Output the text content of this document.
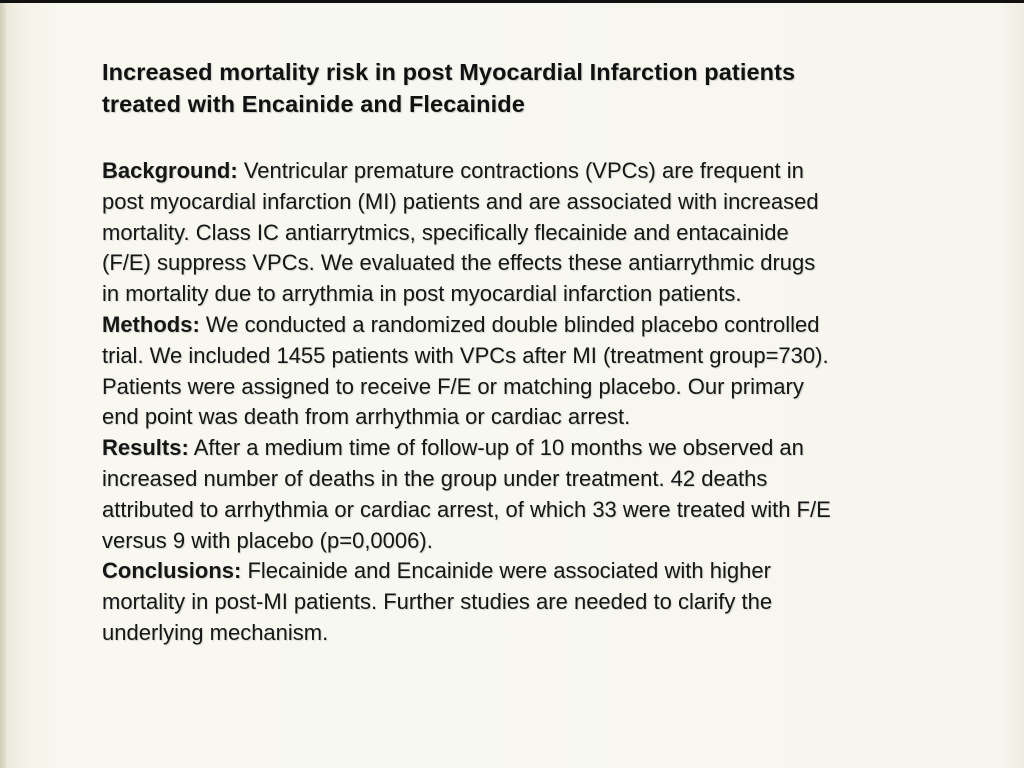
Increased mortality risk in post Myocardial Infarction patients
treated with Encainide and Flecainide
Background: Ventricular premature contractions (VPCs) are frequent in
post myocardial infarction (MI) patients and are associated with increased
mortality. Class IC antiarrytmics, specifically flecainide and entacainide
(F/E) suppress VPCs. We evaluated the effects these antiarrythmic drugs
in mortality due to arrythmia in post myocardial infarction patients.
Methods: We conducted a randomized double blinded placebo controlled
trial. We included 1455 patients with VPCs after MI (treatment group=730).
Patients were assigned to receive F/E or matching placebo. Our primary
end point was death from arrhythmia or cardiac arrest.
Results: After a medium time of follow-up of 10 months we observed an
increased number of deaths in the group under treatment. 42 deaths
attributed to arrhythmia or cardiac arrest, of which 33 were treated with F/E
versus 9 with placebo (p=0,0006).
Conclusions: Flecainide and Encainide were associated with higher
mortality in post-MI patients. Further studies are needed to clarify the
underlying mechanism.
